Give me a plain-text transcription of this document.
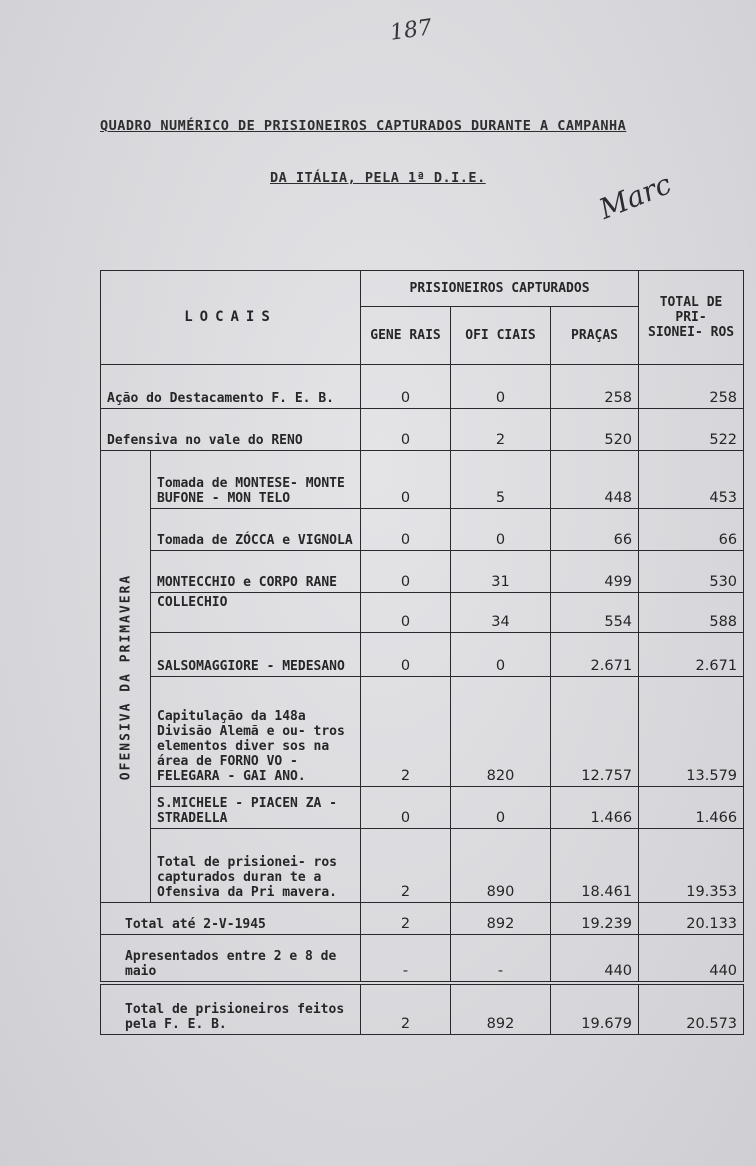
187
QUADRO NUMÉRICO DE PRISIONEIROS CAPTURADOS DURANTE A CAMPANHA
DA ITÁLIA, PELA 1ª D.I.E.	Marc
LOCAIS		PRISIONEIROS CAPTURADOS			TOTAL DE PRI- SIONEI- ROS
		GENE RAIS	OFI CIAIS	PRAÇAS	
Ação do Destacamento F. E. B.		0	0	258	258
Defensiva no vale do RENO		0	2	520	522

OFENSIVA DA PRIMAVERA	Tomada de MONTESE- MONTE BUFONE - MON TELO	0	5	448	453
	Tomada de ZÓCCA e VIGNOLA	0	0	66	66
	MONTECCHIO e CORPO RANE	0	31	499	530
	COLLECHIO	0	34	554	588
	SALSOMAGGIORE - MEDESANO	0	0	2.671	2.671
	Capitulação da 148a Divisão Alemã e ou- tros elementos diver sos na área de FORNO VO - FELEGARA - GAI ANO.	2	820	12.757	13.579
	S.MICHELE - PIACEN ZA - STRADELLA	0	0	1.466	1.466
	Total de prisionei- ros capturados duran te a Ofensiva da Pri mavera.	2	890	18.461	19.353
Total até 2-V-1945		2	892	19.239	20.133
Apresentados entre 2 e 8 de maio		-	-	440	440
Total de prisioneiros feitos pela F. E. B.		2	892	19.679	20.573
